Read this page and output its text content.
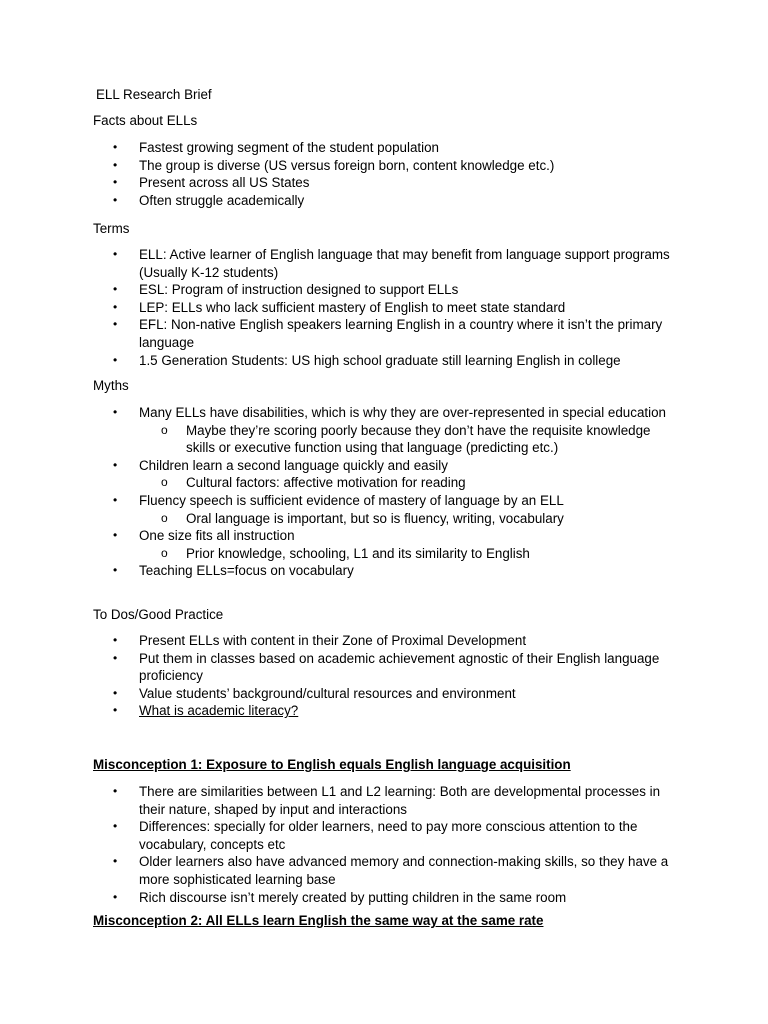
ELL Research Brief

Facts about ELLs

• Fastest growing segment of the student population
• The group is diverse (US versus foreign born, content knowledge etc.)
• Present across all US States
• Often struggle academically

Terms

• ELL: Active learner of English language that may benefit from language support programs (Usually K-12 students)
• ESL: Program of instruction designed to support ELLs
• LEP: ELLs who lack sufficient mastery of English to meet state standard
• EFL: Non-native English speakers learning English in a country where it isn’t the primary language
• 1.5 Generation Students: US high school graduate still learning English in college

Myths

• Many ELLs have disabilities, which is why they are over-represented in special education
o Maybe they’re scoring poorly because they don’t have the requisite knowledge skills or executive function using that language (predicting etc.)
• Children learn a second language quickly and easily
o Cultural factors: affective motivation for reading
• Fluency speech is sufficient evidence of mastery of language by an ELL
o Oral language is important, but so is fluency, writing, vocabulary
• One size fits all instruction
o Prior knowledge, schooling, L1 and its similarity to English
• Teaching ELLs=focus on vocabulary

To Dos/Good Practice

• Present ELLs with content in their Zone of Proximal Development
• Put them in classes based on academic achievement agnostic of their English language proficiency
• Value students’ background/cultural resources and environment
• What is academic literacy?

Misconception 1: Exposure to English equals English language acquisition

• There are similarities between L1 and L2 learning: Both are developmental processes in their nature, shaped by input and interactions
• Differences: specially for older learners, need to pay more conscious attention to the vocabulary, concepts etc
• Older learners also have advanced memory and connection-making skills, so they have a more sophisticated learning base
• Rich discourse isn’t merely created by putting children in the same room

Misconception 2: All ELLs learn English the same way at the same rate
